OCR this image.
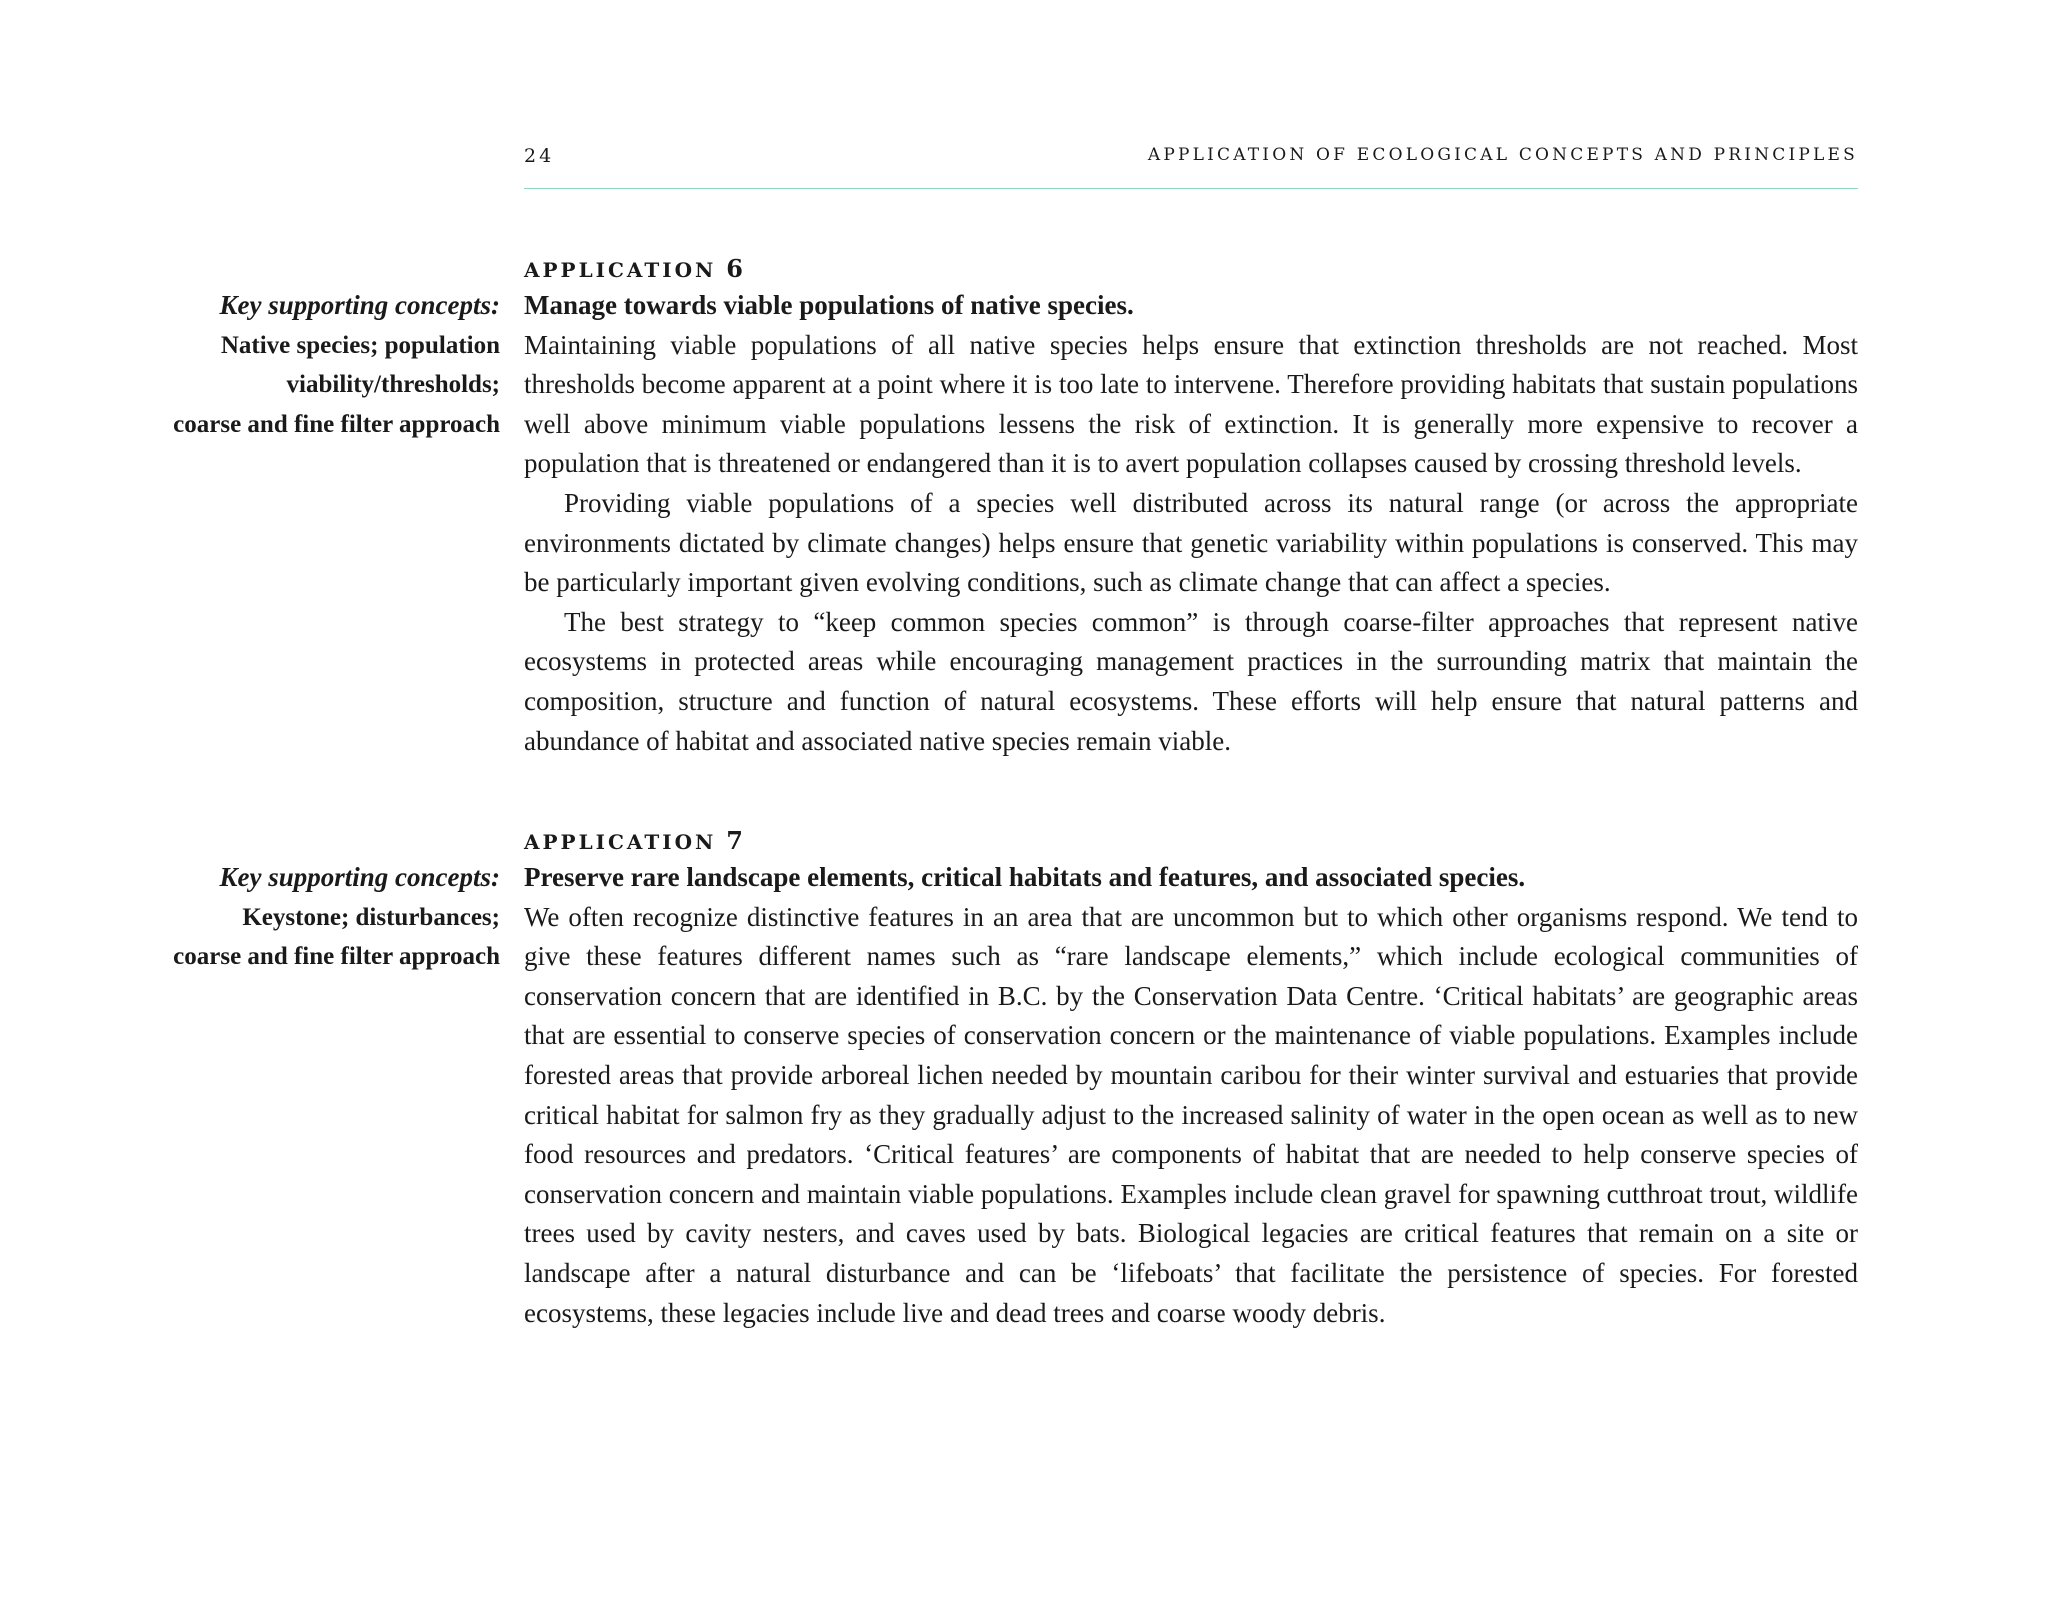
24	APPLICATION OF ECOLOGICAL CONCEPTS AND PRINCIPLES
APPLICATION 6
Key supporting concepts:
Native species; population
viability/thresholds;
coarse and fine filter approach
Manage towards viable populations of native species.

Maintaining viable populations of all native species helps ensure that extinction thresholds are not reached. Most thresholds become apparent at a point where it is too late to intervene. Therefore providing habitats that sustain populations well above minimum viable populations lessens the risk of extinction. It is generally more expensive to recover a population that is threatened or endangered than it is to avert population collapses caused by crossing threshold levels.

Providing viable populations of a species well distributed across its natural range (or across the appropriate environments dictated by climate changes) helps ensure that genetic variability within populations is conserved. This may be particularly important given evolving conditions, such as climate change that can affect a species.

The best strategy to “keep common species common” is through coarse-filter approaches that represent native ecosystems in protected areas while encouraging management practices in the surrounding matrix that maintain the composition, structure and function of natural ecosystems. These efforts will help ensure that natural patterns and abundance of habitat and associated native species remain viable.

APPLICATION 7
Key supporting concepts:
Keystone; disturbances;
coarse and fine filter approach
Preserve rare landscape elements, critical habitats and features, and associated species.

We often recognize distinctive features in an area that are uncommon but to which other organisms respond. We tend to give these features different names such as “rare landscape elements,” which include ecological communities of conservation concern that are identified in B.C. by the Conservation Data Centre. ‘Critical habitats’ are geographic areas that are essential to conserve species of conservation concern or the maintenance of viable populations. Examples include forested areas that provide arboreal lichen needed by mountain caribou for their winter survival and estuaries that provide critical habitat for salmon fry as they gradually adjust to the increased salinity of water in the open ocean as well as to new food resources and predators. ‘Critical features’ are components of habitat that are needed to help conserve species of conservation concern and maintain viable populations. Examples include clean gravel for spawning cutthroat trout, wildlife trees used by cavity nesters, and caves used by bats. Biological legacies are critical features that remain on a site or landscape after a natural disturbance and can be ‘lifeboats’ that facilitate the persistence of species. For forested ecosystems, these legacies include live and dead trees and coarse woody debris.
